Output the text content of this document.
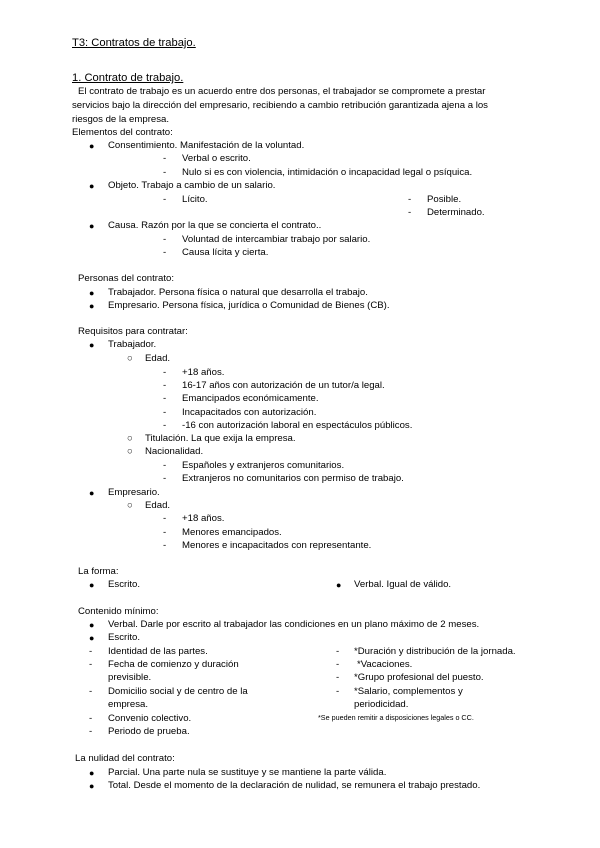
T3: Contratos de trabajo.
1. Contrato de trabajo.
El contrato de trabajo es un acuerdo entre dos personas, el trabajador se compromete a prestar
servicios bajo la dirección del empresario, recibiendo a cambio retribución garantizada ajena a los
riesgos de la empresa.
Elementos del contrato:
● Consentimiento. Manifestación de la voluntad.
- Verbal o escrito.
- Nulo si es con violencia, intimidación o incapacidad legal o psíquica.
● Objeto. Trabajo a cambio de un salario.
- Lícito.	- Posible.
- Determinado.
● Causa. Razón por la que se concierta el contrato..
- Voluntad de intercambiar trabajo por salario.
- Causa lícita y cierta.
Personas del contrato:
● Trabajador. Persona física o natural que desarrolla el trabajo.
● Empresario. Persona física, jurídica o Comunidad de Bienes (CB).
Requisitos para contratar:
● Trabajador.
○ Edad.
- +18 años.
- 16-17 años con autorización de un tutor/a legal.
- Emancipados económicamente.
- Incapacitados con autorización.
- -16 con autorización laboral en espectáculos públicos.
○ Titulación. La que exija la empresa.
○ Nacionalidad.
- Españoles y extranjeros comunitarios.
- Extranjeros no comunitarios con permiso de trabajo.
● Empresario.
○ Edad.
- +18 años.
- Menores emancipados.
- Menores e incapacitados con representante.
La forma:
● Escrito.	● Verbal. Igual de válido.
Contenido mínimo:
● Verbal. Darle por escrito al trabajador las condiciones en un plano máximo de 2 meses.
● Escrito.
- Identidad de las partes.
- Fecha de comienzo y duración
previsible.
- Domicilio social y de centro de la
empresa.
- Convenio colectivo.
- Periodo de prueba.
- *Duración y distribución de la jornada.
- *Vacaciones.
- *Grupo profesional del puesto.
- *Salario, complementos y
periodicidad.
*Se pueden remitir a disposiciones legales o CC.
La nulidad del contrato:
● Parcial. Una parte nula se sustituye y se mantiene la parte válida.
● Total. Desde el momento de la declaración de nulidad, se remunera el trabajo prestado.
